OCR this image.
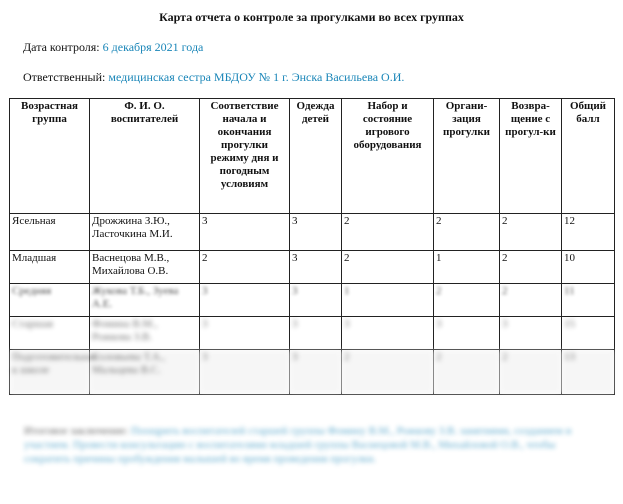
Карта отчета о контроле за прогулками во всех группах
Дата контроля: 6 декабря 2021 года
Ответственный: медицинская сестра МБДОУ № 1 г. Энска Васильева О.И.
Возрастная группа	Ф. И. О. воспитателей	Соответствие начала и окончания прогулки режиму дня и погодным условиям	Одежда детей	Набор и состояние игрового оборудования	Органи-зация прогулки	Возвра-щение с прогул-ки	Общий балл
Ясельная	Дрожжина З.Ю., Ласточкина М.И.	3	3	2	2	2	12
Младшая	Васнецова М.В., Михайлова О.В.	2	3	2	1	2	10
Средняя	Жукова Т.Б., Зуева А.Е.	3	3	1	2	2	11
Старшая	Фомина В.М., Рожкова З.В.	3	3	3	3	3	15
Подготовительная к школе	Соловьева Т.А., Мальцева В.С.	3	3	2	2	2	13
Итоговое заключение: Поощрить воспитателей старшей группы Фомину В.М., Рожкову З.В. занятиями, созданием и участием. Провести консультацию с воспитателями младшей группы Васнецовой М.В., Михайловой О.В., чтобы сократить причины пробуждения малышей во время проведения прогулки.
